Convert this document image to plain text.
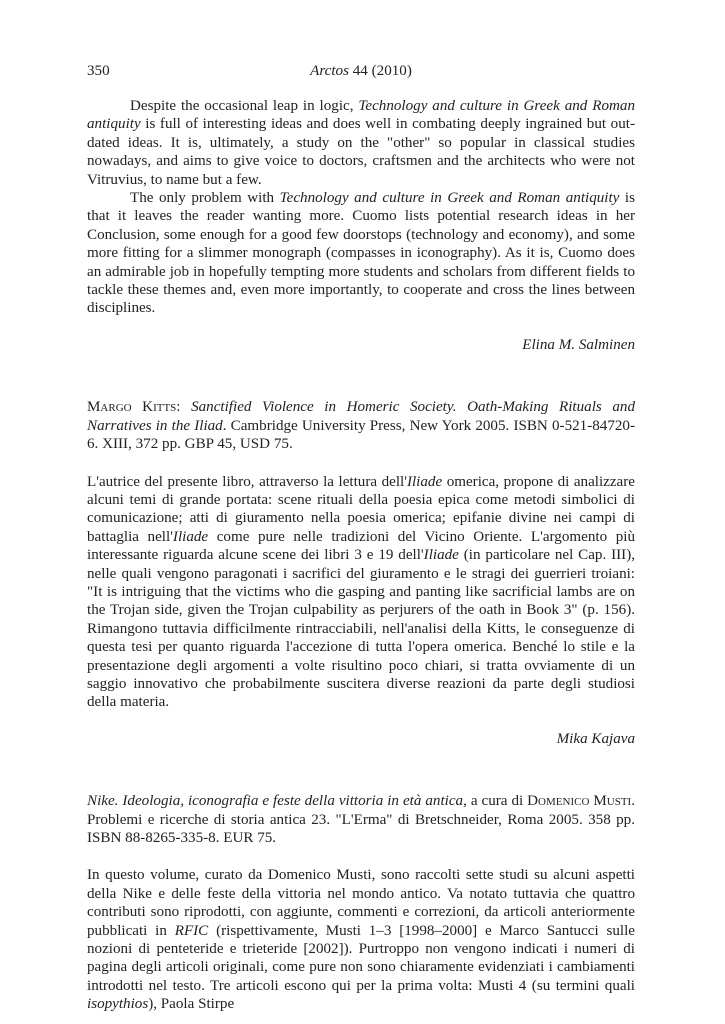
350	Arctos 44 (2010)

Despite the occasional leap in logic, Technology and culture in Greek and Roman antiquity is full of interesting ideas and does well in combating deeply ingrained but out-dated ideas. It is, ultimately, a study on the "other" so popular in classical studies nowadays, and aims to give voice to doctors, craftsmen and the architects who were not Vitruvius, to name but a few.

The only problem with Technology and culture in Greek and Roman antiquity is that it leaves the reader wanting more. Cuomo lists potential research ideas in her Conclusion, some enough for a good few doorstops (technology and economy), and some more fitting for a slimmer monograph (compasses in iconography). As it is, Cuomo does an admirable job in hopefully tempting more students and scholars from different fields to tackle these themes and, even more importantly, to cooperate and cross the lines between disciplines.

Elina M. Salminen

Margo Kitts: Sanctified Violence in Homeric Society. Oath-Making Rituals and Narratives in the Iliad. Cambridge University Press, New York 2005. ISBN 0-521-84720-6. XIII, 372 pp. GBP 45, USD 75.

L'autrice del presente libro, attraverso la lettura dell'Iliade omerica, propone di analizzare alcuni temi di grande portata: scene rituali della poesia epica come metodi simbolici di comunicazione; atti di giuramento nella poesia omerica; epifanie divine nei campi di battaglia nell'Iliade come pure nelle tradizioni del Vicino Oriente. L'argomento più interessante riguarda alcune scene dei libri 3 e 19 dell'Iliade (in particolare nel Cap. III), nelle quali vengono paragonati i sacrifici del giuramento e le stragi dei guerrieri troiani: "It is intriguing that the victims who die gasping and panting like sacrificial lambs are on the Trojan side, given the Trojan culpability as perjurers of the oath in Book 3" (p. 156). Rimangono tuttavia difficilmente rintracciabili, nell'analisi della Kitts, le conseguenze di questa tesi per quanto riguarda l'accezione di tutta l'opera omerica. Benché lo stile e la presentazione degli argomenti a volte risultino poco chiari, si tratta ovviamente di un saggio innovativo che probabilmente suscitera diverse reazioni da parte degli studiosi della materia.

Mika Kajava

Nike. Ideologia, iconografia e feste della vittoria in età antica, a cura di Domenico Musti. Problemi e ricerche di storia antica 23. "L'Erma" di Bretschneider, Roma 2005. 358 pp. ISBN 88-8265-335-8. EUR 75.

In questo volume, curato da Domenico Musti, sono raccolti sette studi su alcuni aspetti della Nike e delle feste della vittoria nel mondo antico. Va notato tuttavia che quattro contributi sono riprodotti, con aggiunte, commenti e correzioni, da articoli anteriormente pubblicati in RFIC (rispettivamente, Musti 1–3 [1998–2000] e Marco Santucci sulle nozioni di penteteride e trieteride [2002]). Purtroppo non vengono indicati i numeri di pagina degli articoli originali, come pure non sono chiaramente evidenziati i cambiamenti introdotti nel testo. Tre articoli escono qui per la prima volta: Musti 4 (su termini quali isopythios), Paola Stirpe
